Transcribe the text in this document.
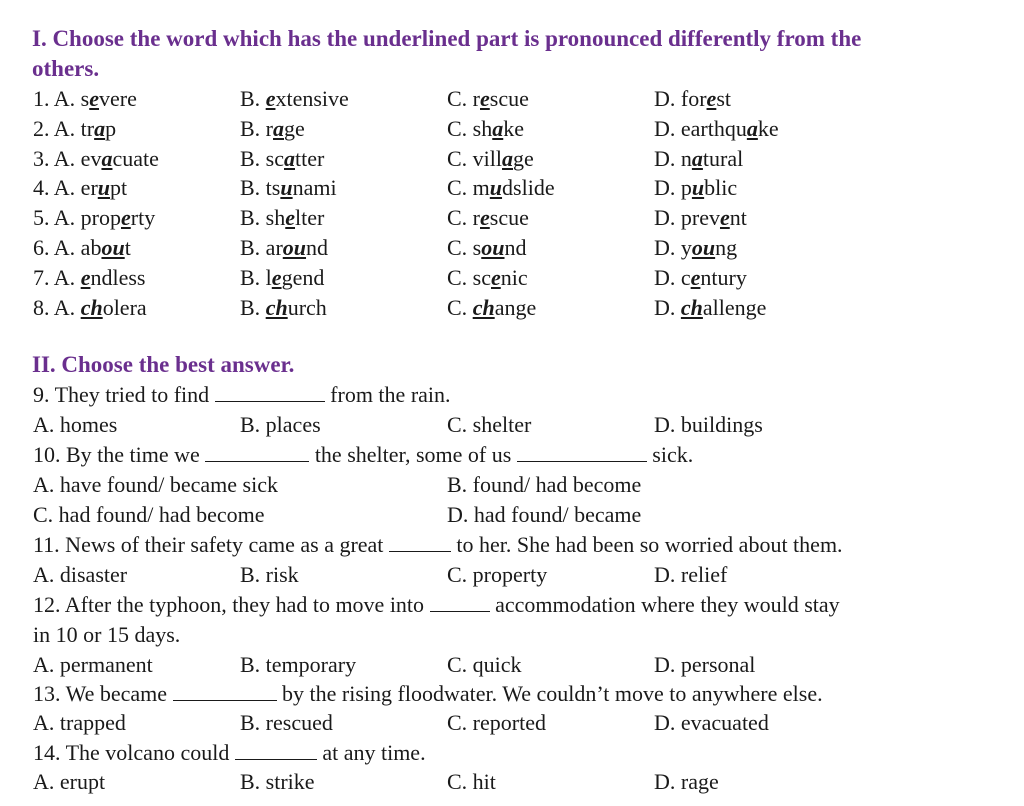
I. Choose the word which has the underlined part is pronounced differently from the
others.
1. A. severe	B. extensive	C. rescue	D. forest
2. A. trap	B. rage	C. shake	D. earthquake
3. A. evacuate	B. scatter	C. village	D. natural
4. A. erupt	B. tsunami	C. mudslide	D. public
5. A. property	B. shelter	C. rescue	D. prevent
6. A. about	B. around	C. sound	D. young
7. A. endless	B. legend	C. scenic	D. century
8. A. cholera	B. church	C. change	D. challenge
II. Choose the best answer.
9. They tried to find	from the rain.
A. homes	B. places	C. shelter	D. buildings
10. By the time we	the shelter, some of us	sick.
A. have found/ became sick	B. found/ had become
C. had found/ had become	D. had found/ became
11. News of their safety came as a great	to her. She had been so worried about them.
A. disaster	B. risk	C. property	D. relief
12. After the typhoon, they had to move into	accommodation where they would stay
in 10 or 15 days.
A. permanent	B. temporary	C. quick	D. personal
13. We became	by the rising floodwater. We couldn’t move to anywhere else.
A. trapped	B. rescued	C. reported	D. evacuated
14. The volcano could	at any time.
A. erupt	B. strike	C. hit	D. rage
